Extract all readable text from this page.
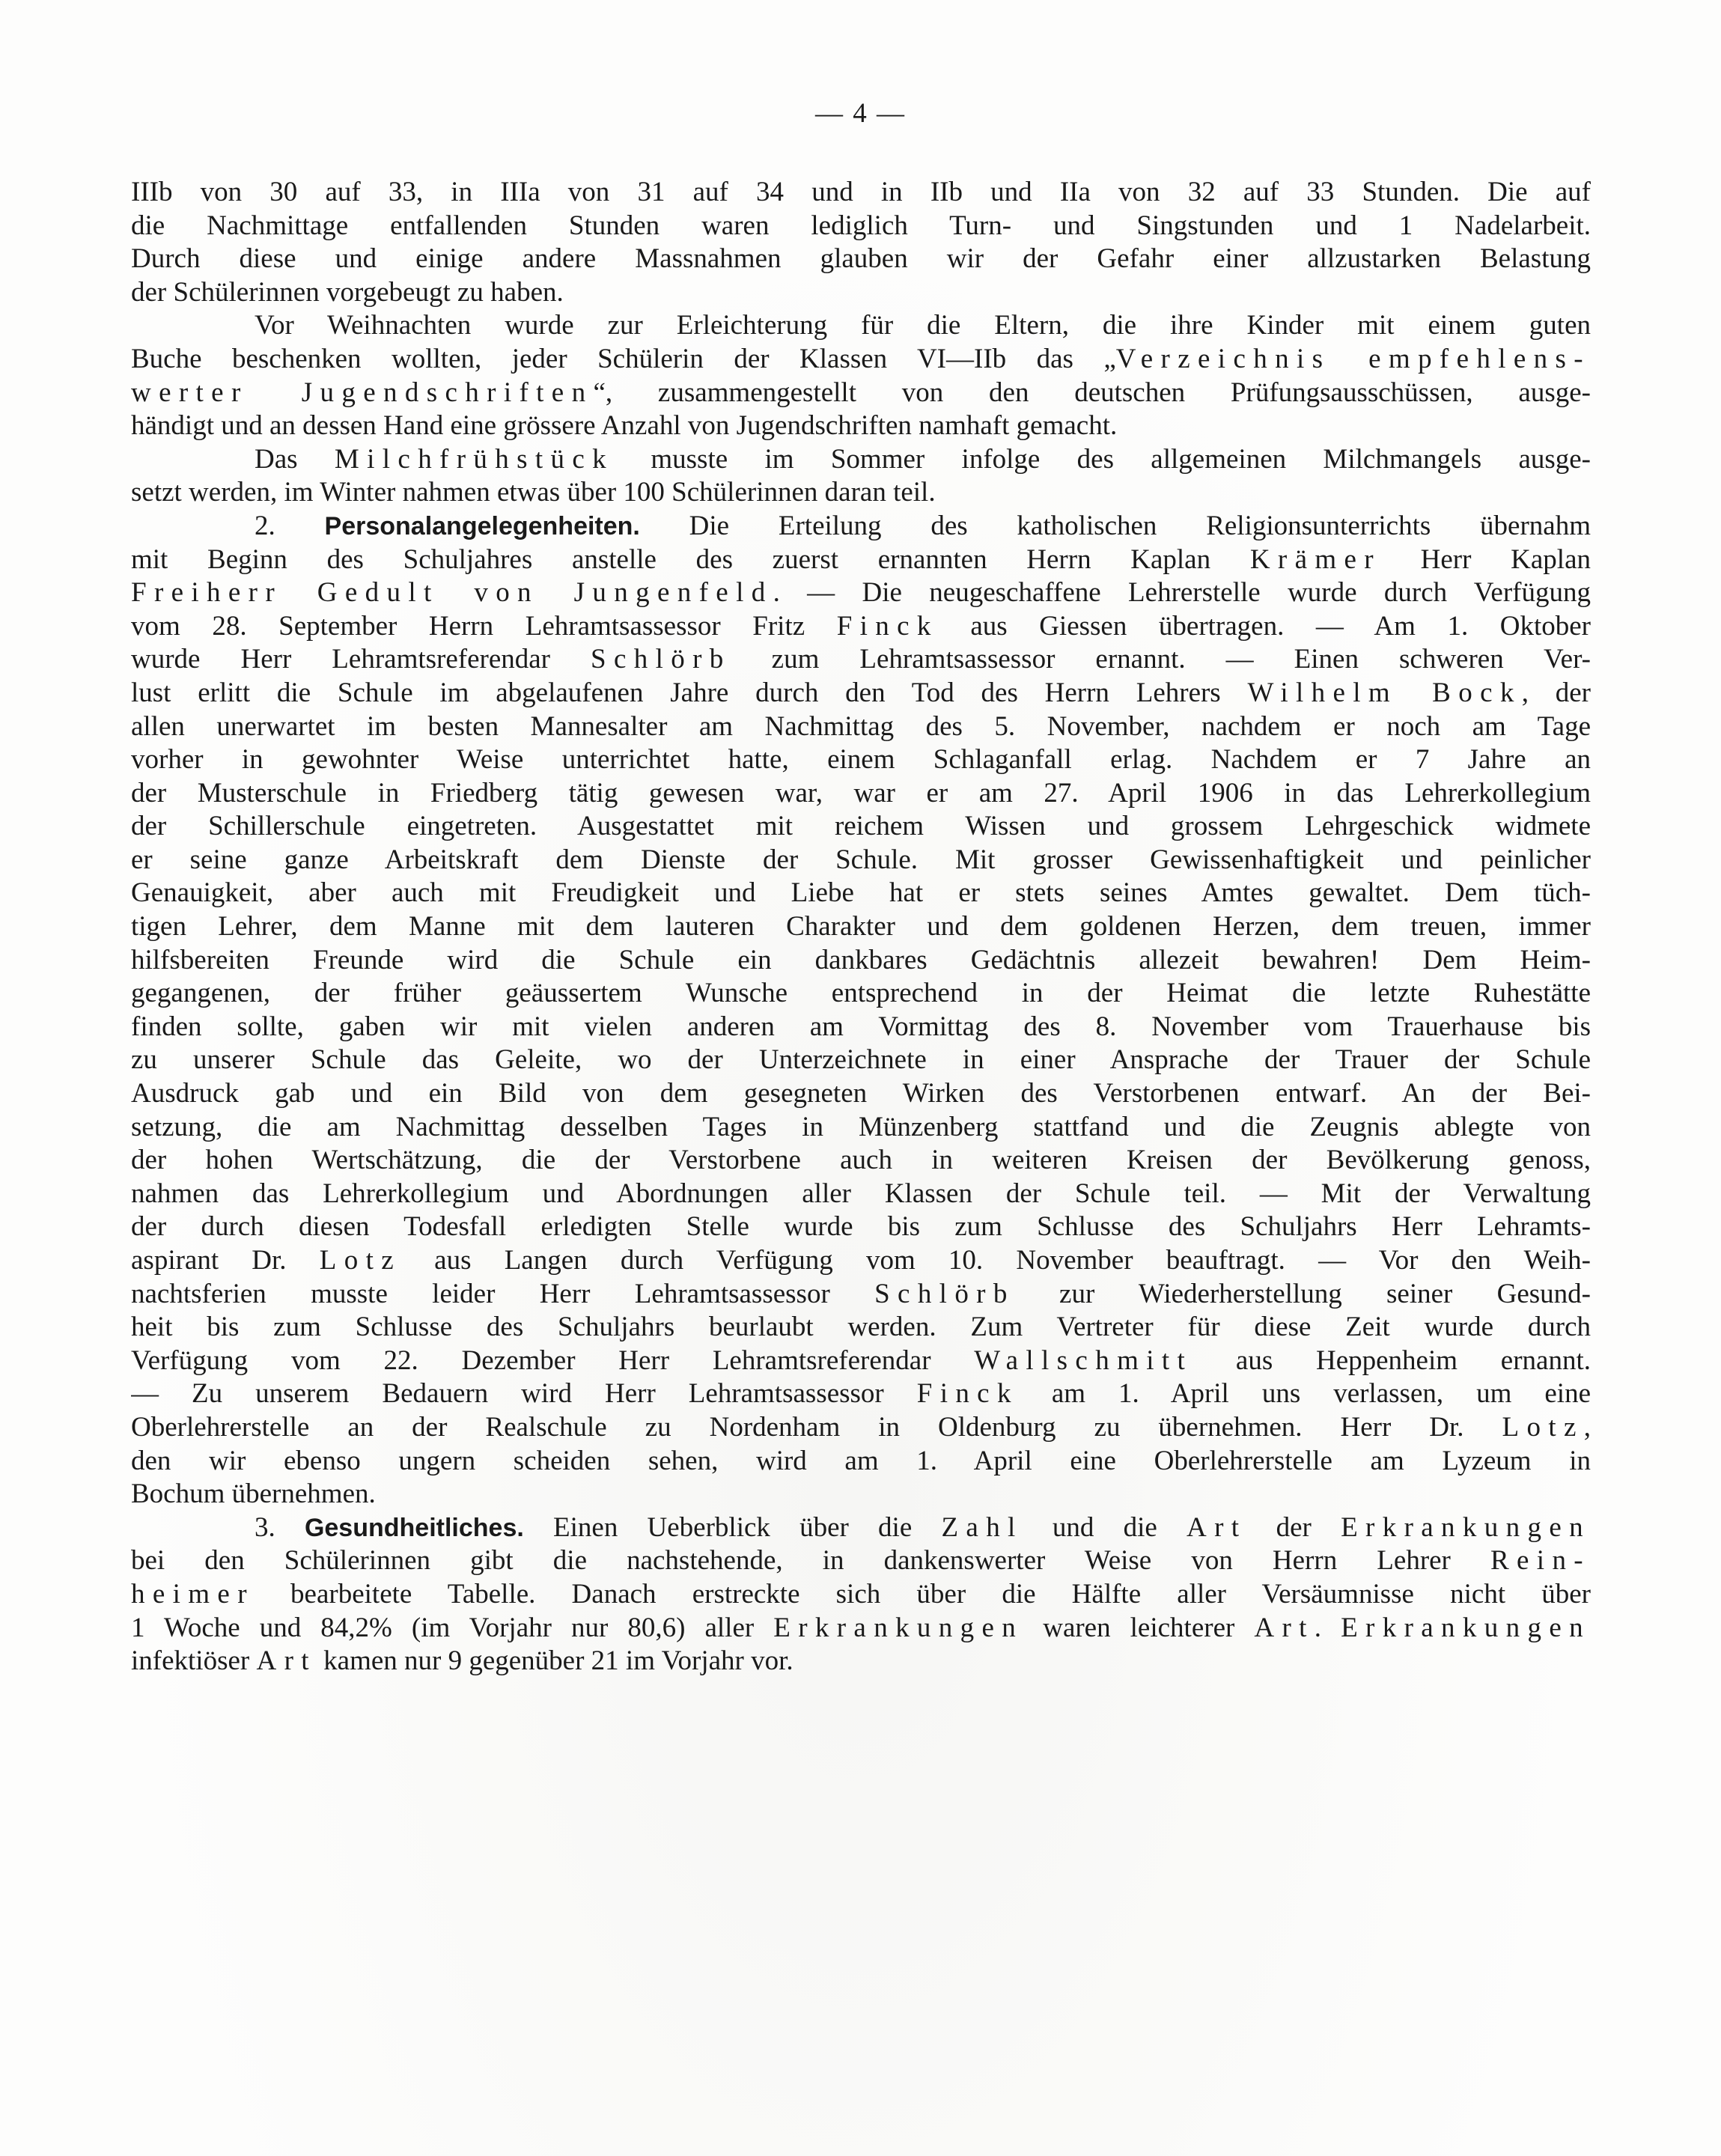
— 4 —
IIIb von 30 auf 33, in IIIa von 31 auf 34 und in IIb und IIa von 32 auf 33 Stunden. Die auf
die Nachmittage entfallenden Stunden waren lediglich Turn- und Singstunden und 1 Nadelarbeit.
Durch diese und einige andere Massnahmen glauben wir der Gefahr einer allzustarken Belastung
der Schülerinnen vorgebeugt zu haben.
Vor Weihnachten wurde zur Erleichterung für die Eltern, die ihre Kinder mit einem guten
Buche beschenken wollten, jeder Schülerin der Klassen VI—IIb das „Verzeichnis empfehlens-
werter Jugendschriften“, zusammengestellt von den deutschen Prüfungsausschüssen, ausge-
händigt und an dessen Hand eine grössere Anzahl von Jugendschriften namhaft gemacht.
Das Milchfrühstück musste im Sommer infolge des allgemeinen Milchmangels ausge-
setzt werden, im Winter nahmen etwas über 100 Schülerinnen daran teil.
2. Personalangelegenheiten. Die Erteilung des katholischen Religionsunterrichts übernahm
mit Beginn des Schuljahres anstelle des zuerst ernannten Herrn Kaplan Krämer Herr Kaplan
Freiherr Gedult von Jungenfeld. — Die neugeschaffene Lehrerstelle wurde durch Verfügung
vom 28. September Herrn Lehramtsassessor Fritz Finck aus Giessen übertragen. — Am 1. Oktober
wurde Herr Lehramtsreferendar Schlörb zum Lehramtsassessor ernannt. — Einen schweren Ver-
lust erlitt die Schule im abgelaufenen Jahre durch den Tod des Herrn Lehrers Wilhelm Bock, der
allen unerwartet im besten Mannesalter am Nachmittag des 5. November, nachdem er noch am Tage
vorher in gewohnter Weise unterrichtet hatte, einem Schlaganfall erlag. Nachdem er 7 Jahre an
der Musterschule in Friedberg tätig gewesen war, war er am 27. April 1906 in das Lehrerkollegium
der Schillerschule eingetreten. Ausgestattet mit reichem Wissen und grossem Lehrgeschick widmete
er seine ganze Arbeitskraft dem Dienste der Schule. Mit grosser Gewissenhaftigkeit und peinlicher
Genauigkeit, aber auch mit Freudigkeit und Liebe hat er stets seines Amtes gewaltet. Dem tüch-
tigen Lehrer, dem Manne mit dem lauteren Charakter und dem goldenen Herzen, dem treuen, immer
hilfsbereiten Freunde wird die Schule ein dankbares Gedächtnis allezeit bewahren! Dem Heim-
gegangenen, der früher geäussertem Wunsche entsprechend in der Heimat die letzte Ruhestätte
finden sollte, gaben wir mit vielen anderen am Vormittag des 8. November vom Trauerhause bis
zu unserer Schule das Geleite, wo der Unterzeichnete in einer Ansprache der Trauer der Schule
Ausdruck gab und ein Bild von dem gesegneten Wirken des Verstorbenen entwarf. An der Bei-
setzung, die am Nachmittag desselben Tages in Münzenberg stattfand und die Zeugnis ablegte von
der hohen Wertschätzung, die der Verstorbene auch in weiteren Kreisen der Bevölkerung genoss,
nahmen das Lehrerkollegium und Abordnungen aller Klassen der Schule teil. — Mit der Verwaltung
der durch diesen Todesfall erledigten Stelle wurde bis zum Schlusse des Schuljahrs Herr Lehramts-
aspirant Dr. Lotz aus Langen durch Verfügung vom 10. November beauftragt. — Vor den Weih-
nachtsferien musste leider Herr Lehramtsassessor Schlörb zur Wiederherstellung seiner Gesund-
heit bis zum Schlusse des Schuljahrs beurlaubt werden. Zum Vertreter für diese Zeit wurde durch
Verfügung vom 22. Dezember Herr Lehramtsreferendar Wallschmitt aus Heppenheim ernannt.
— Zu unserem Bedauern wird Herr Lehramtsassessor Finck am 1. April uns verlassen, um eine
Oberlehrerstelle an der Realschule zu Nordenham in Oldenburg zu übernehmen. Herr Dr. Lotz,
den wir ebenso ungern scheiden sehen, wird am 1. April eine Oberlehrerstelle am Lyzeum in
Bochum übernehmen.
3. Gesundheitliches. Einen Ueberblick über die Zahl und die Art der Erkrankungen
bei den Schülerinnen gibt die nachstehende, in dankenswerter Weise von Herrn Lehrer Rein-
heimer bearbeitete Tabelle. Danach erstreckte sich über die Hälfte aller Versäumnisse nicht über
1 Woche und 84,2% (im Vorjahr nur 80,6) aller Erkrankungen waren leichterer Art. Erkrankungen
infektiöser Art kamen nur 9 gegenüber 21 im Vorjahr vor.
